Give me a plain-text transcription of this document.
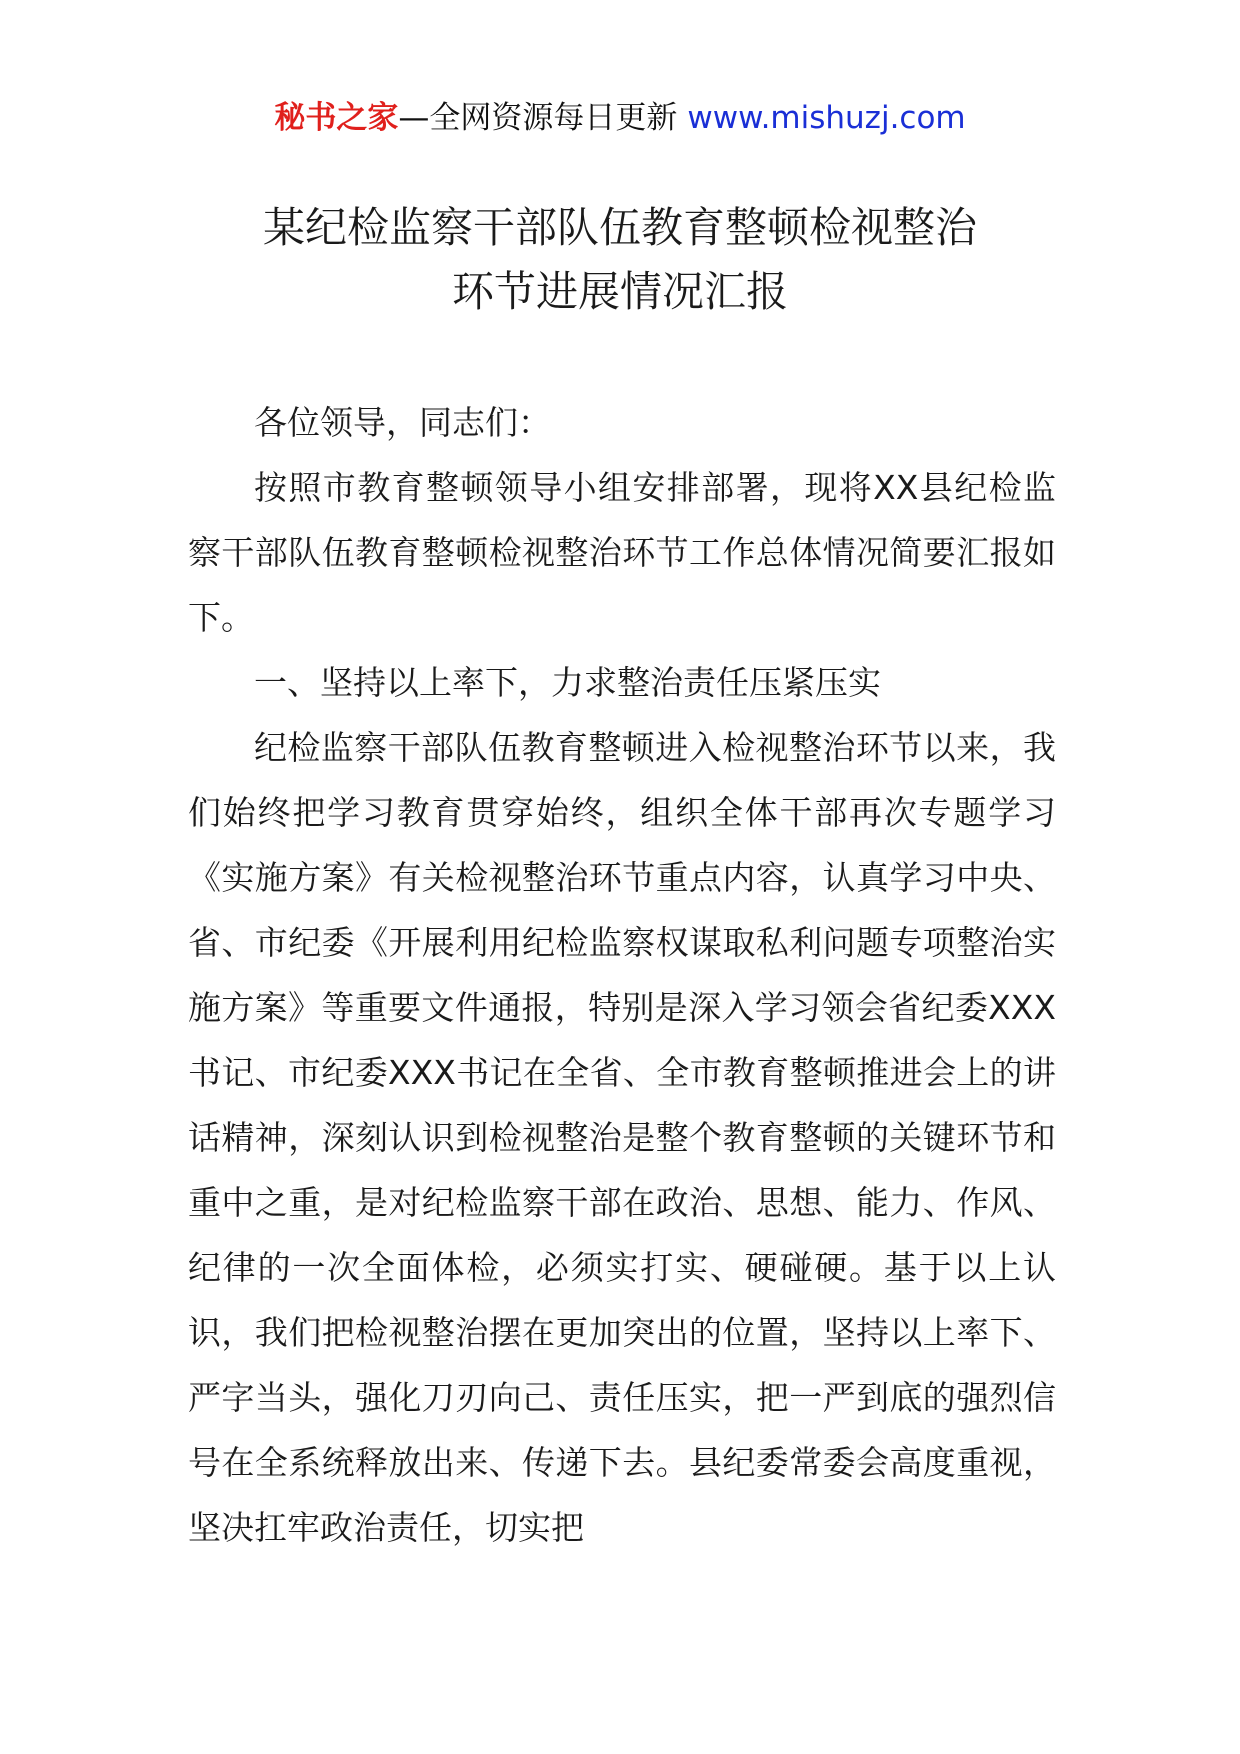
秘书之家—全网资源每日更新 www.mishuzj.com
某纪检监察干部队伍教育整顿检视整治
环节进展情况汇报

各位领导，同志们：

按照市教育整顿领导小组安排部署，现将XX县纪检监察干部队伍教育整顿检视整治环节工作总体情况简要汇报如下。

一、坚持以上率下，力求整治责任压紧压实

纪检监察干部队伍教育整顿进入检视整治环节以来，我们始终把学习教育贯穿始终，组织全体干部再次专题学习《实施方案》有关检视整治环节重点内容，认真学习中央、省、市纪委《开展利用纪检监察权谋取私利问题专项整治实施方案》等重要文件通报，特别是深入学习领会省纪委XXX书记、市纪委XXX书记在全省、全市教育整顿推进会上的讲话精神，深刻认识到检视整治是整个教育整顿的关键环节和重中之重，是对纪检监察干部在政治、思想、能力、作风、纪律的一次全面体检，必须实打实、硬碰硬。基于以上认识，我们把检视整治摆在更加突出的位置，坚持以上率下、严字当头，强化刀刃向己、责任压实，把一严到底的强烈信号在全系统释放出来、传递下去。县纪委常委会高度重视，坚决扛牢政治责任，切实把
